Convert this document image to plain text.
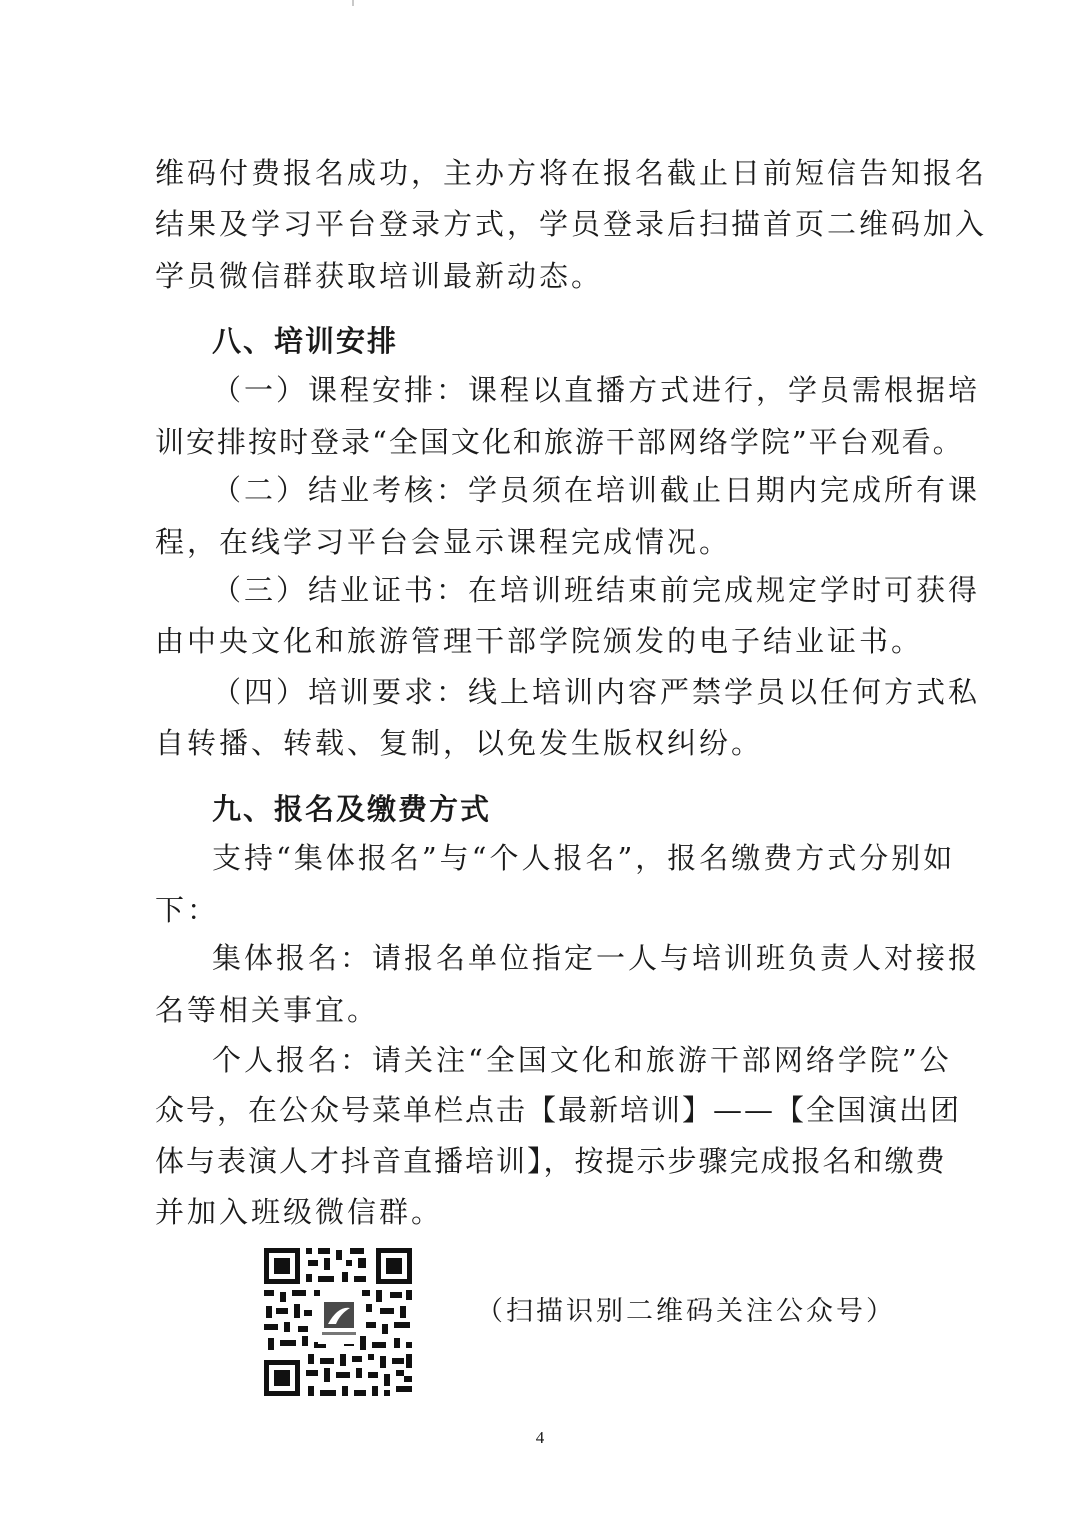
维码付费报名成功，主办方将在报名截止日前短信告知报名
结果及学习平台登录方式，学员登录后扫描首页二维码加入
学员微信群获取培训最新动态。
八、培训安排
（一）课程安排：课程以直播方式进行，学员需根据培
训安排按时登录“全国文化和旅游干部网络学院”平台观看。
（二）结业考核：学员须在培训截止日期内完成所有课
程，在线学习平台会显示课程完成情况。
（三）结业证书：在培训班结束前完成规定学时可获得
由中央文化和旅游管理干部学院颁发的电子结业证书。
（四）培训要求：线上培训内容严禁学员以任何方式私
自转播、转载、复制，以免发生版权纠纷。
九、报名及缴费方式
支持“集体报名”与“个人报名”，报名缴费方式分别如
下：
集体报名：请报名单位指定一人与培训班负责人对接报
名等相关事宜。
个人报名：请关注“全国文化和旅游干部网络学院”公
众号，在公众号菜单栏点击【最新培训】——【全国演出团
体与表演人才抖音直播培训】，按提示步骤完成报名和缴费
并加入班级微信群。
（扫描识别二维码关注公众号）
4
